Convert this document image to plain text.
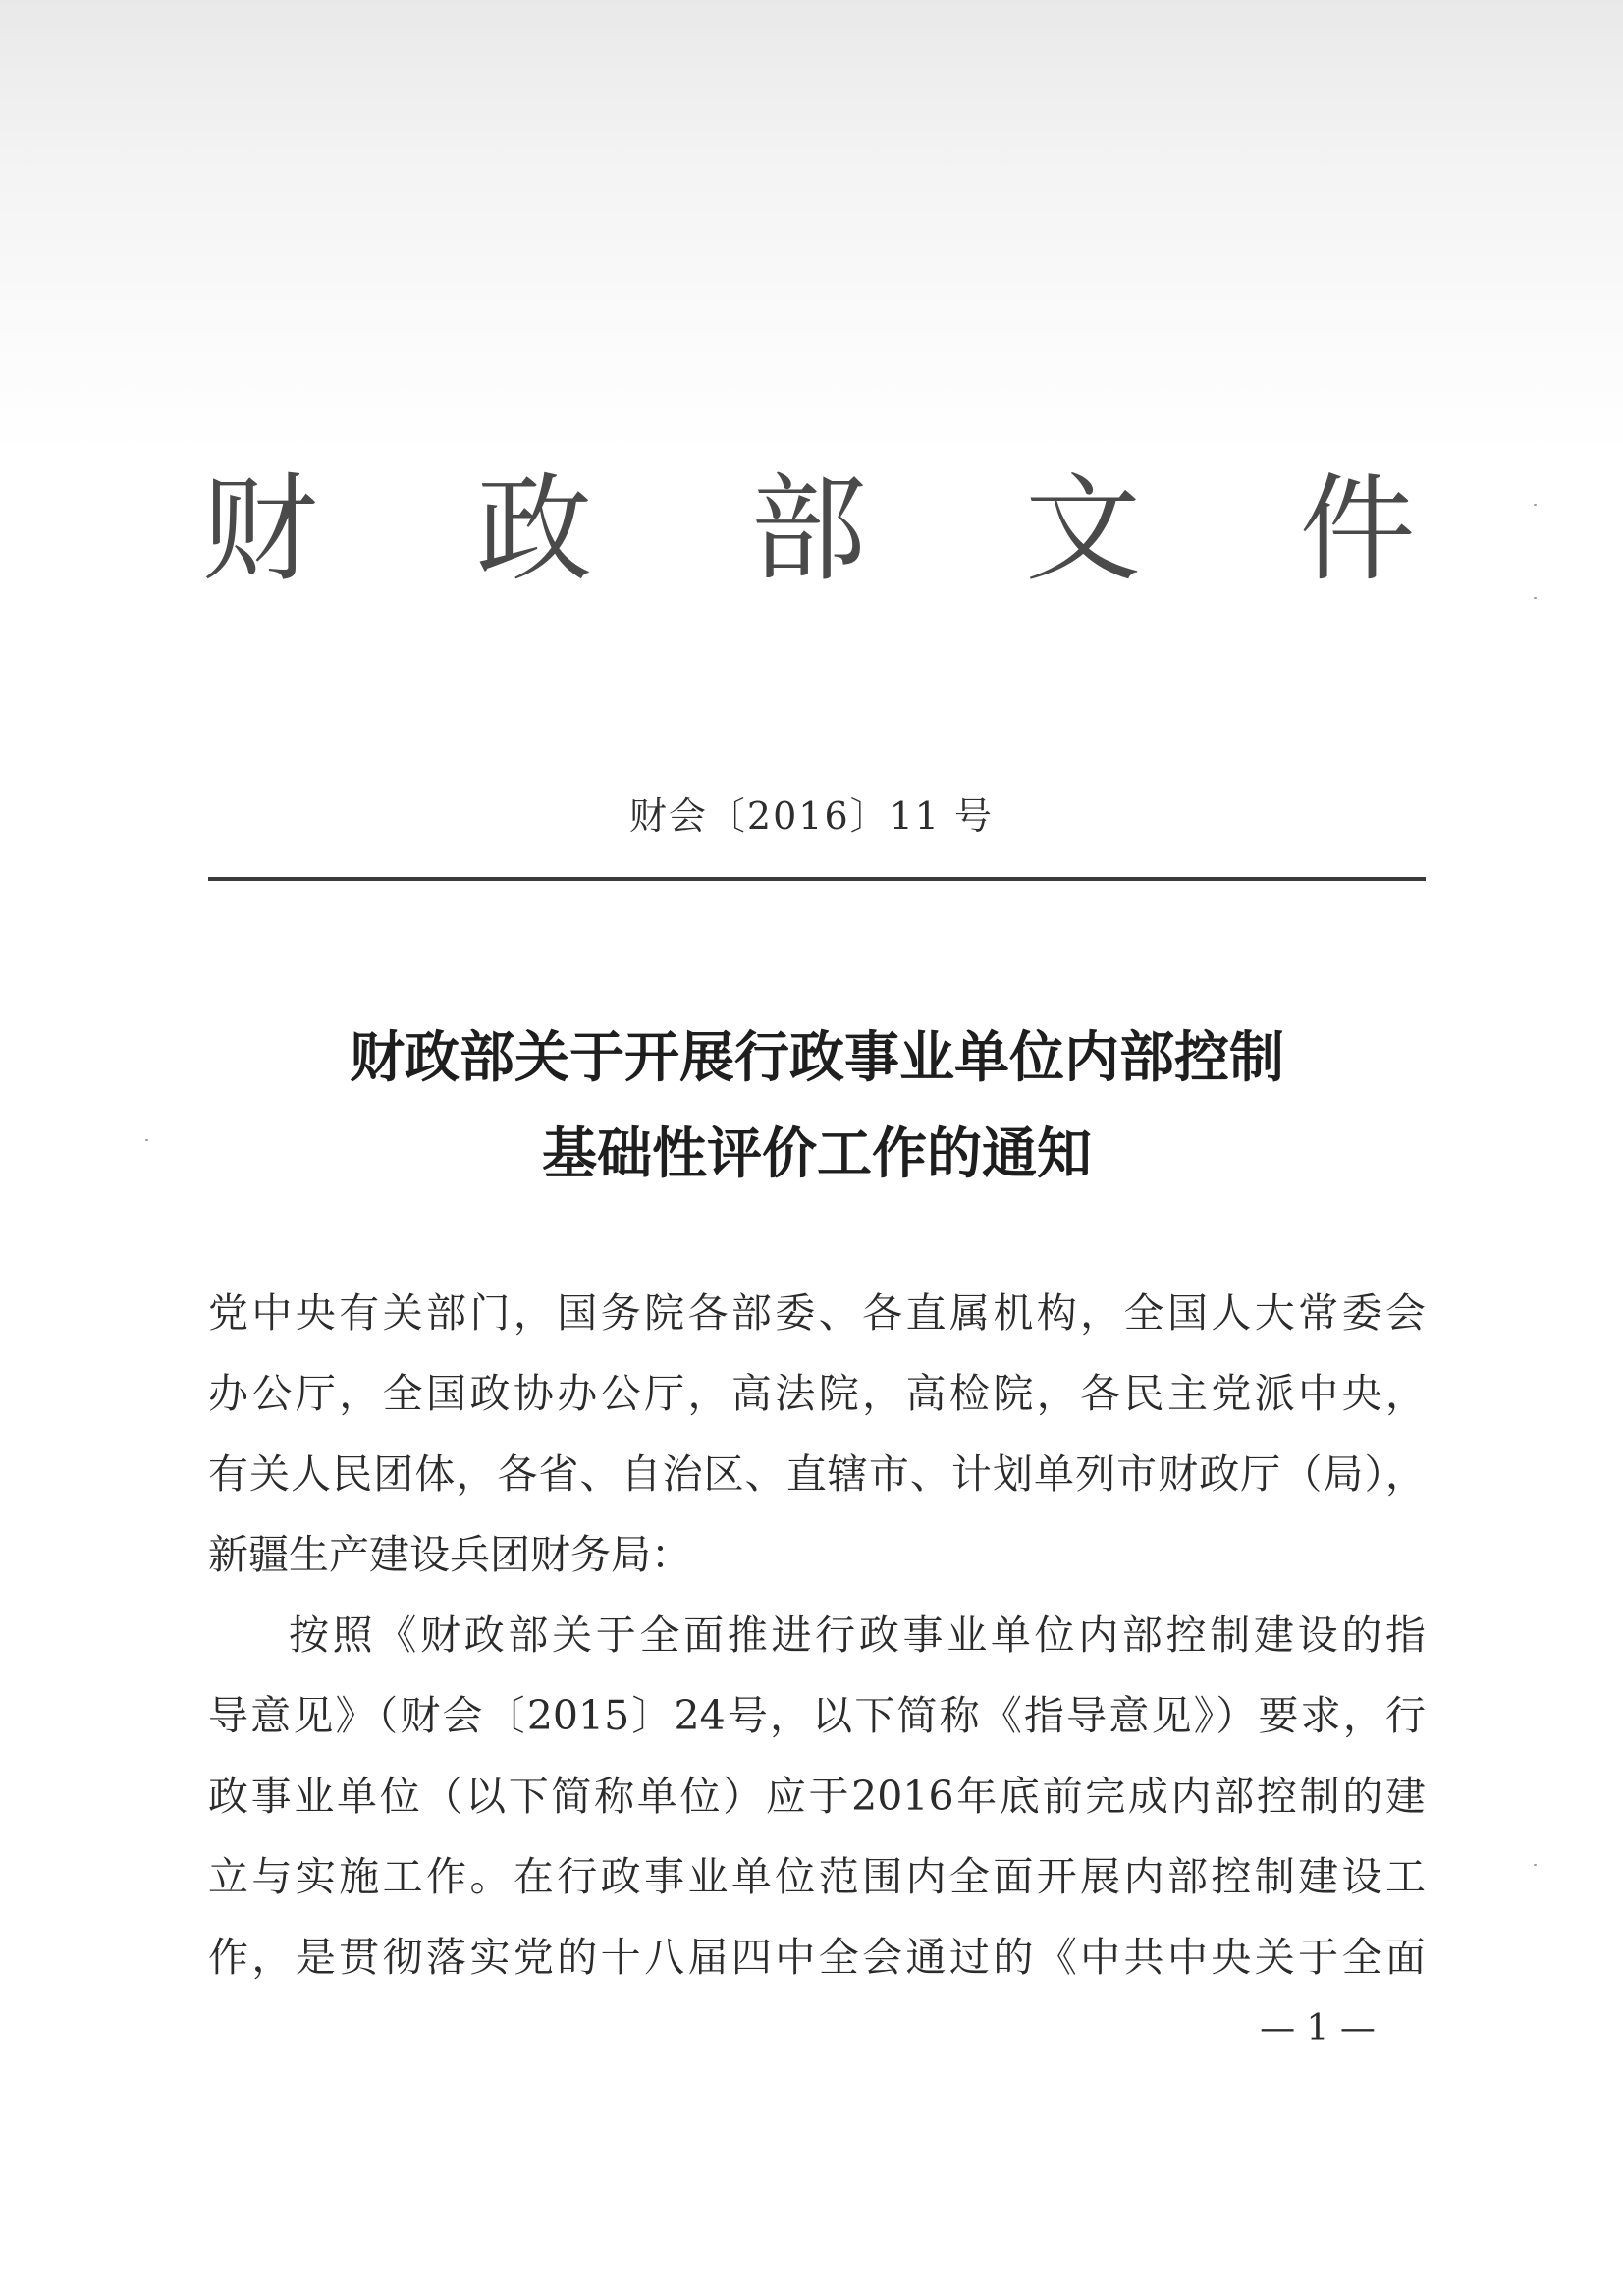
财 政 部 文 件
财会〔2016〕11 号
财政部关于开展行政事业单位内部控制
基础性评价工作的通知
党中央有关部门，国务院各部委、各直属机构，全国人大常委会
办公厅，全国政协办公厅，高法院，高检院，各民主党派中央，
有关人民团体，各省、自治区、直辖市、计划单列市财政厅（局），
新疆生产建设兵团财务局：
按照《财政部关于全面推进行政事业单位内部控制建设的指
导意见》（财会〔2015〕24号，以下简称《指导意见》）要求，行
政事业单位（以下简称单位）应于2016年底前完成内部控制的建
立与实施工作。在行政事业单位范围内全面开展内部控制建设工
作，是贯彻落实党的十八届四中全会通过的《中共中央关于全面
— 1 —
